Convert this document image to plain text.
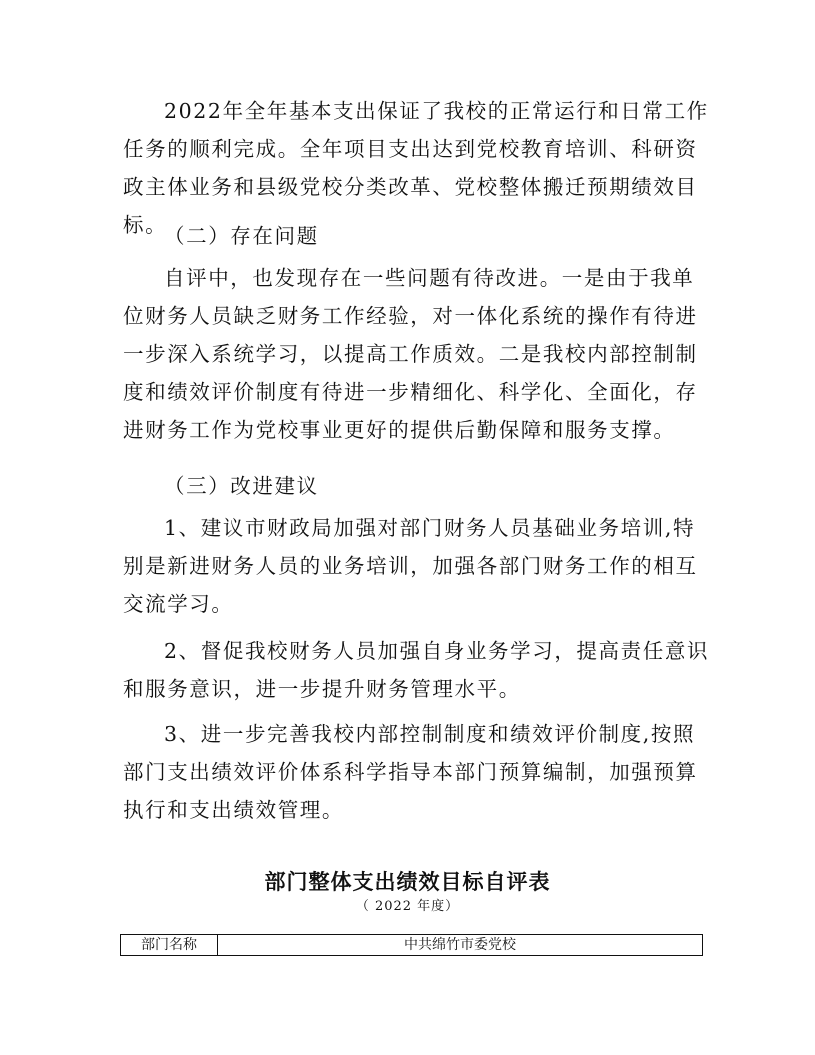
2022年全年基本支出保证了我校的正常运行和日常工作任务的顺利完成。全年项目支出达到党校教育培训、科研资政主体业务和县级党校分类改革、党校整体搬迁预期绩效目标。

（二）存在问题

自评中，也发现存在一些问题有待改进。一是由于我单位财务人员缺乏财务工作经验，对一体化系统的操作有待进一步深入系统学习，以提高工作质效。二是我校内部控制制度和绩效评价制度有待进一步精细化、科学化、全面化，存进财务工作为党校事业更好的提供后勤保障和服务支撑。

（三）改进建议

1、建议市财政局加强对部门财务人员基础业务培训,特别是新进财务人员的业务培训，加强各部门财务工作的相互交流学习。

2、督促我校财务人员加强自身业务学习，提高责任意识和服务意识，进一步提升财务管理水平。

3、进一步完善我校内部控制制度和绩效评价制度,按照部门支出绩效评价体系科学指导本部门预算编制，加强预算执行和支出绩效管理。

部门整体支出绩效目标自评表

（ 2022 年度）

部门名称	中共绵竹市委党校
